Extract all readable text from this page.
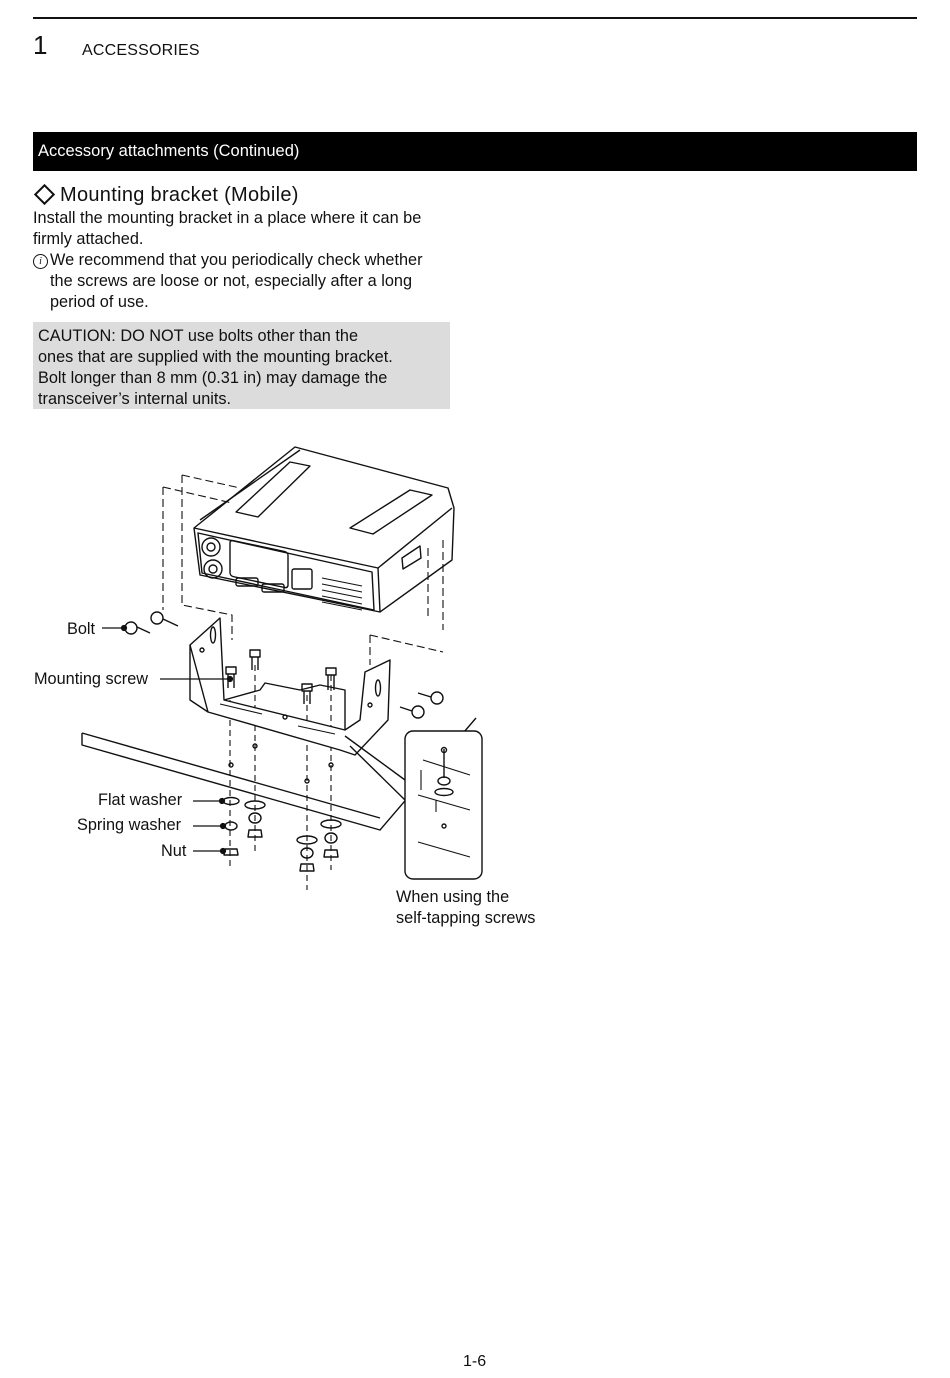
1 ACCESSORIES
Accessory attachments (Continued)
Mounting bracket (Mobile)
Install the mounting bracket in a place where it can be
firmly attached.
i We recommend that you periodically check whether
the screws are loose or not, especially after a long
period of use.
CAUTION: DO NOT use bolts other than the
ones that are supplied with the mounting bracket.
Bolt longer than 8 mm (0.31 in) may damage the
transceiver’s internal units.
Bolt
Mounting screw
Flat washer
Spring washer
Nut
When using the
self-tapping screws
1-6
